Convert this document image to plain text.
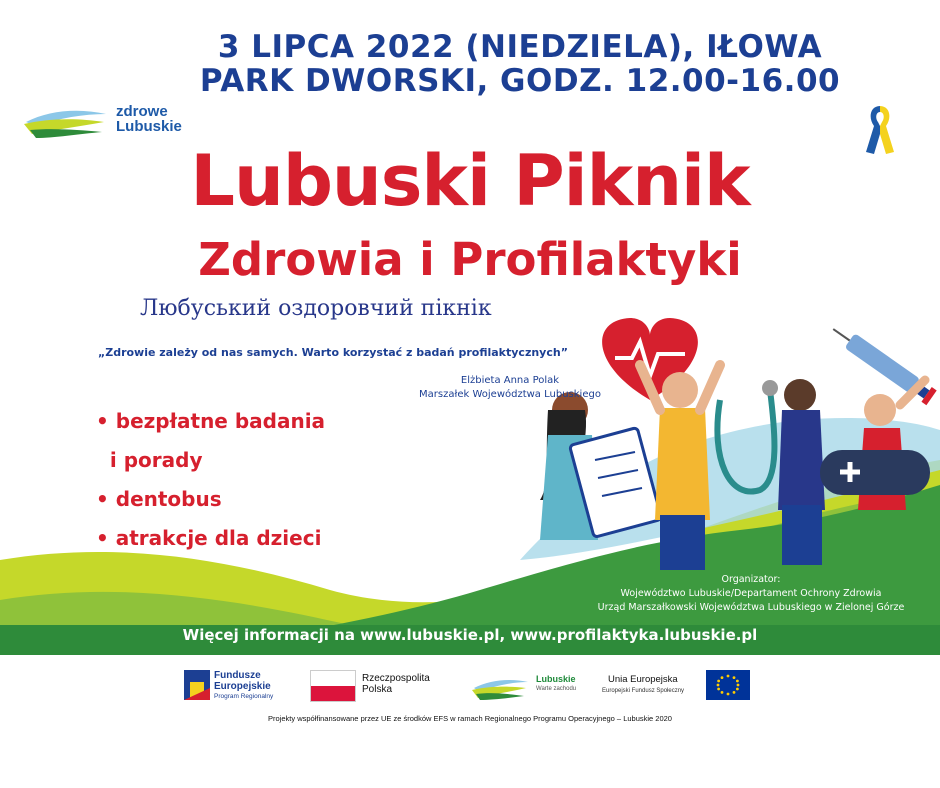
3 LIPCA 2022 (NIEDZIELA), IŁOWA
PARK DWORSKI, GODZ. 12.00-16.00
zdrowe
Lubuskie
Lubuski Piknik
Zdrowia i Profilaktyki
Любуський оздоровчий пікнік
„Zdrowie zależy od nas samych. Warto korzystać z badań profilaktycznych”
Elżbieta Anna Polak
Marszałek Województwa Lubuskiego
• bezpłatne badania
i porady
• dentobus
• atrakcje dla dzieci
Organizator:
Województwo Lubuskie/Departament Ochrony Zdrowia
Urząd Marszałkowski Województwa Lubuskiego w Zielonej Górze
Więcej informacji na www.lubuskie.pl, www.profilaktyka.lubuskie.pl
Fundusze
Europejskie
Program Regionalny
Rzeczpospolita
Polska
Lubuskie
Warte zachodu
Unia Europejska
Europejski Fundusz Społeczny
Projekty współfinansowane przez UE ze środków EFS w ramach Regionalnego Programu Operacyjnego – Lubuskie 2020
